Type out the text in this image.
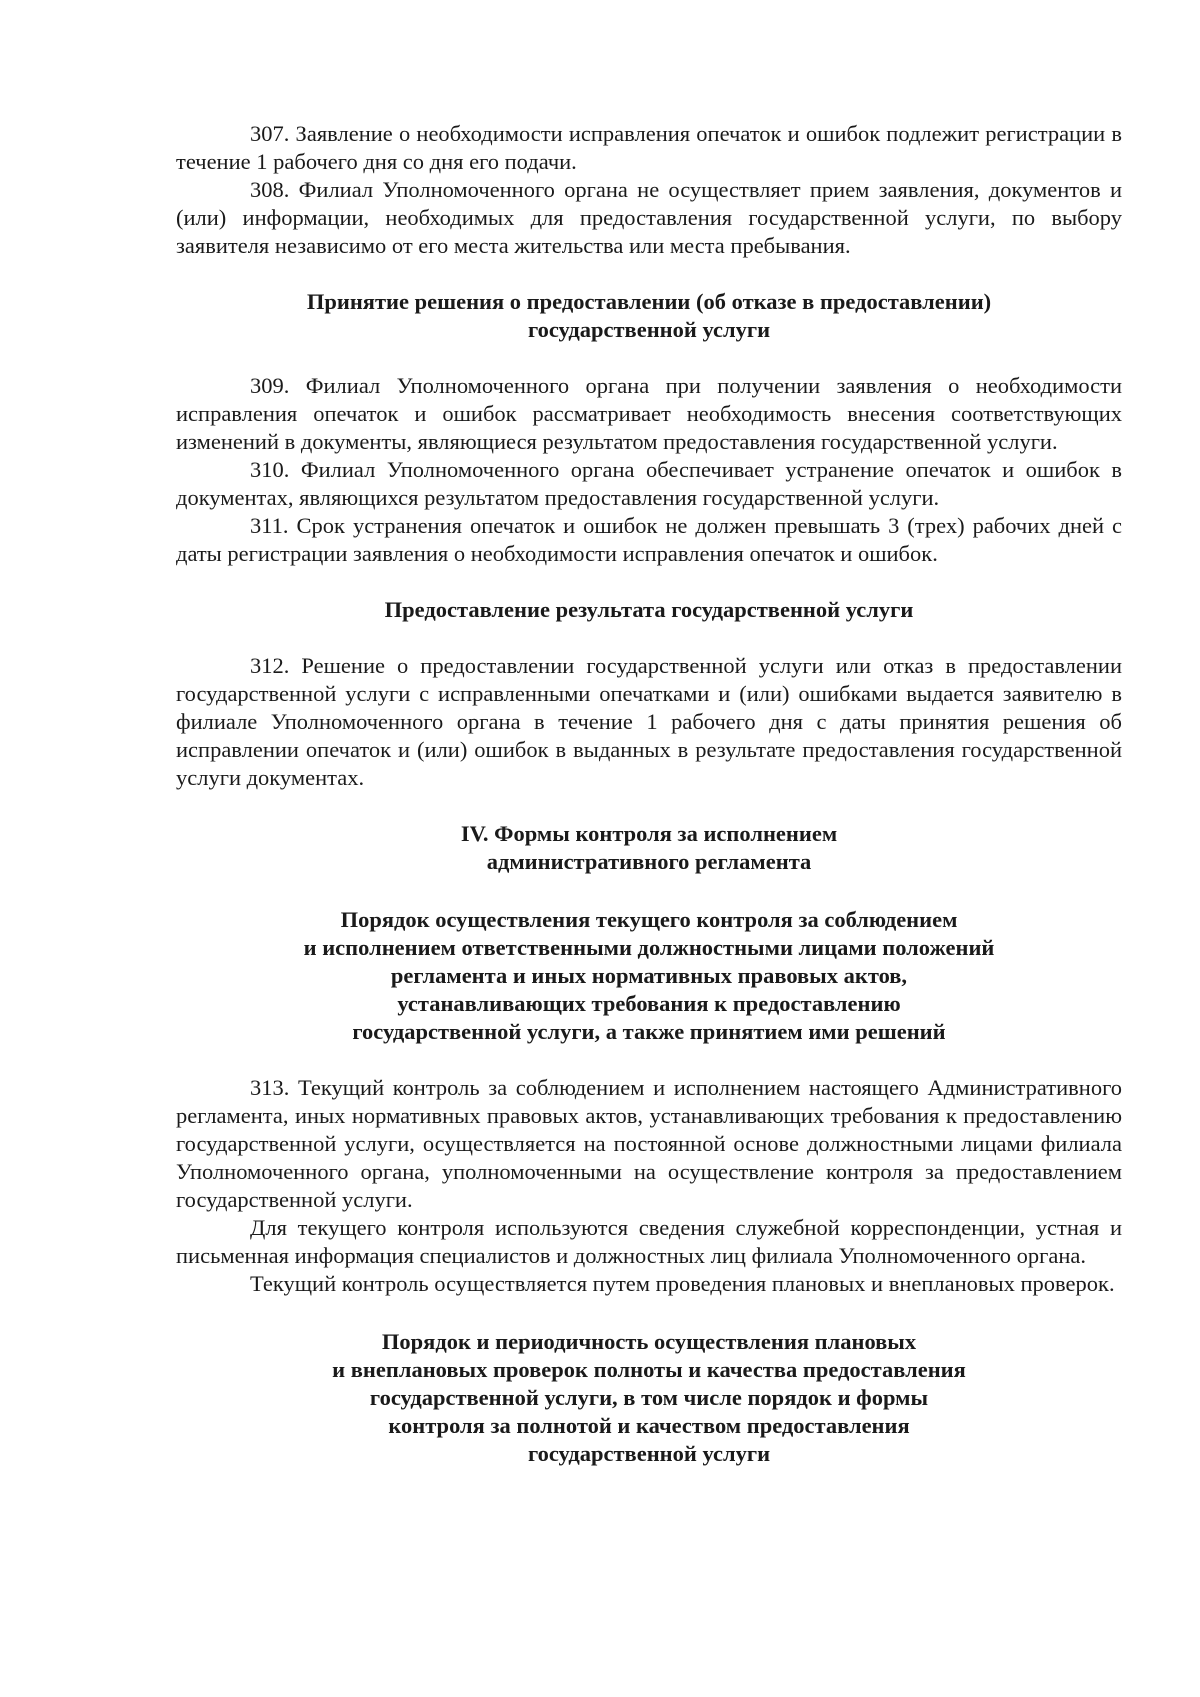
307. Заявление о необходимости исправления опечаток и ошибок подлежит регистрации в течение 1 рабочего дня со дня его подачи.

308. Филиал Уполномоченного органа не осуществляет прием заявления, документов и (или) информации, необходимых для предоставления государственной услуги, по выбору заявителя независимо от его места жительства или места пребывания.

Принятие решения о предоставлении (об отказе в предоставлении)
государственной услуги

309. Филиал Уполномоченного органа при получении заявления о необходимости исправления опечаток и ошибок рассматривает необходимость внесения соответствующих изменений в документы, являющиеся результатом предоставления государственной услуги.

310. Филиал Уполномоченного органа обеспечивает устранение опечаток и ошибок в документах, являющихся результатом предоставления государственной услуги.

311. Срок устранения опечаток и ошибок не должен превышать 3 (трех) рабочих дней с даты регистрации заявления о необходимости исправления опечаток и ошибок.

Предоставление результата государственной услуги

312. Решение о предоставлении государственной услуги или отказ в предоставлении государственной услуги с исправленными опечатками и (или) ошибками выдается заявителю в филиале Уполномоченного органа в течение 1 рабочего дня с даты принятия решения об исправлении опечаток и (или) ошибок в выданных в результате предоставления государственной услуги документах.

IV. Формы контроля за исполнением
административного регламента
Порядок осуществления текущего контроля за соблюдением
и исполнением ответственными должностными лицами положений
регламента и иных нормативных правовых актов,
устанавливающих требования к предоставлению
государственной услуги, а также принятием ими решений

313. Текущий контроль за соблюдением и исполнением настоящего Административного регламента, иных нормативных правовых актов, устанавливающих требования к предоставлению государственной услуги, осуществляется на постоянной основе должностными лицами филиала Уполномоченного органа, уполномоченными на осуществление контроля за предоставлением государственной услуги.

Для текущего контроля используются сведения служебной корреспонденции, устная и письменная информация специалистов и должностных лиц филиала Уполномоченного органа.

Текущий контроль осуществляется путем проведения плановых и внеплановых проверок.

Порядок и периодичность осуществления плановых
и внеплановых проверок полноты и качества предоставления
государственной услуги, в том числе порядок и формы
контроля за полнотой и качеством предоставления
государственной услуги
